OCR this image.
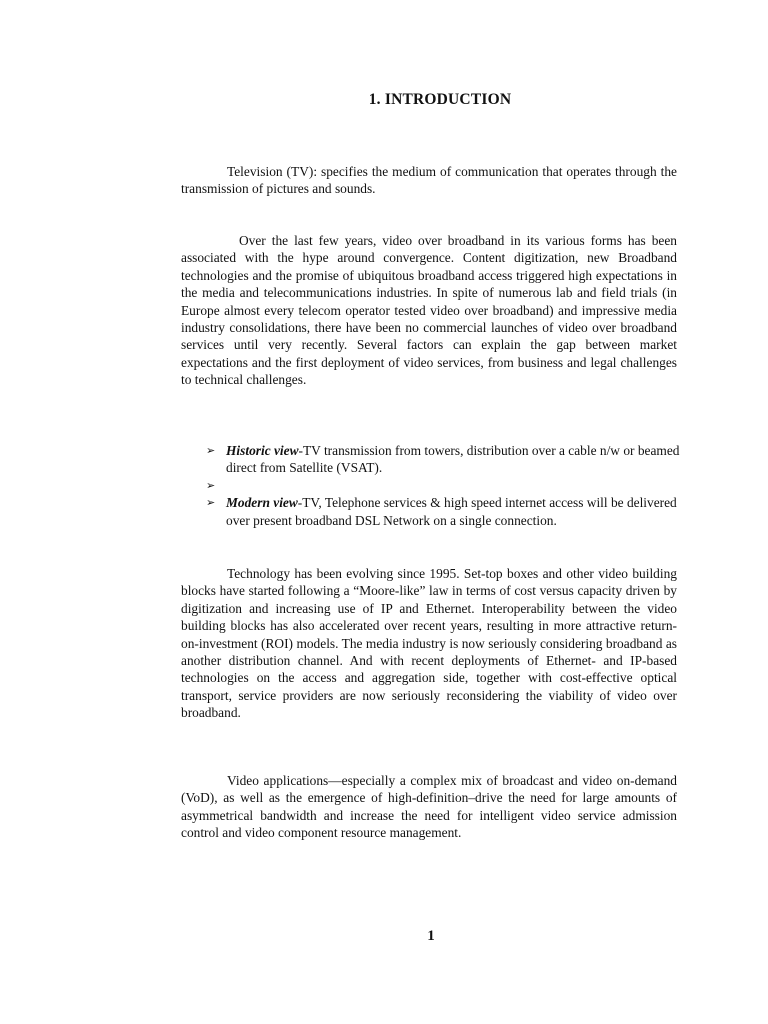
1. INTRODUCTION

Television (TV): specifies the medium of communication that operates through the transmission of pictures and sounds.

Over the last few years, video over broadband in its various forms has been associated with the hype around convergence. Content digitization, new Broadband technologies and the promise of ubiquitous broadband access triggered high expectations in the media and telecommunications industries. In spite of numerous lab and field trials (in Europe almost every telecom operator tested video over broadband) and impressive media industry consolidations, there have been no commercial launches of video over broadband services until very recently. Several factors can explain the gap between market expectations and the first deployment of video services, from business and legal challenges to technical challenges.

➢ Historic view-TV transmission from towers, distribution over a cable n/w or beamed direct from Satellite (VSAT).
➢
➢ Modern view-TV, Telephone services & high speed internet access will be delivered over present broadband DSL Network on a single connection.

Technology has been evolving since 1995. Set-top boxes and other video building blocks have started following a “Moore-like” law in terms of cost versus capacity driven by digitization and increasing use of IP and Ethernet. Interoperability between the video building blocks has also accelerated over recent years, resulting in more attractive return-on-investment (ROI) models. The media industry is now seriously considering broadband as another distribution channel. And with recent deployments of Ethernet- and IP-based technologies on the access and aggregation side, together with cost-effective optical transport, service providers are now seriously reconsidering the viability of video over broadband.

Video applications—especially a complex mix of broadcast and video on-demand (VoD), as well as the emergence of high-definition–drive the need for large amounts of asymmetrical bandwidth and increase the need for intelligent video service admission control and video component resource management.

1
